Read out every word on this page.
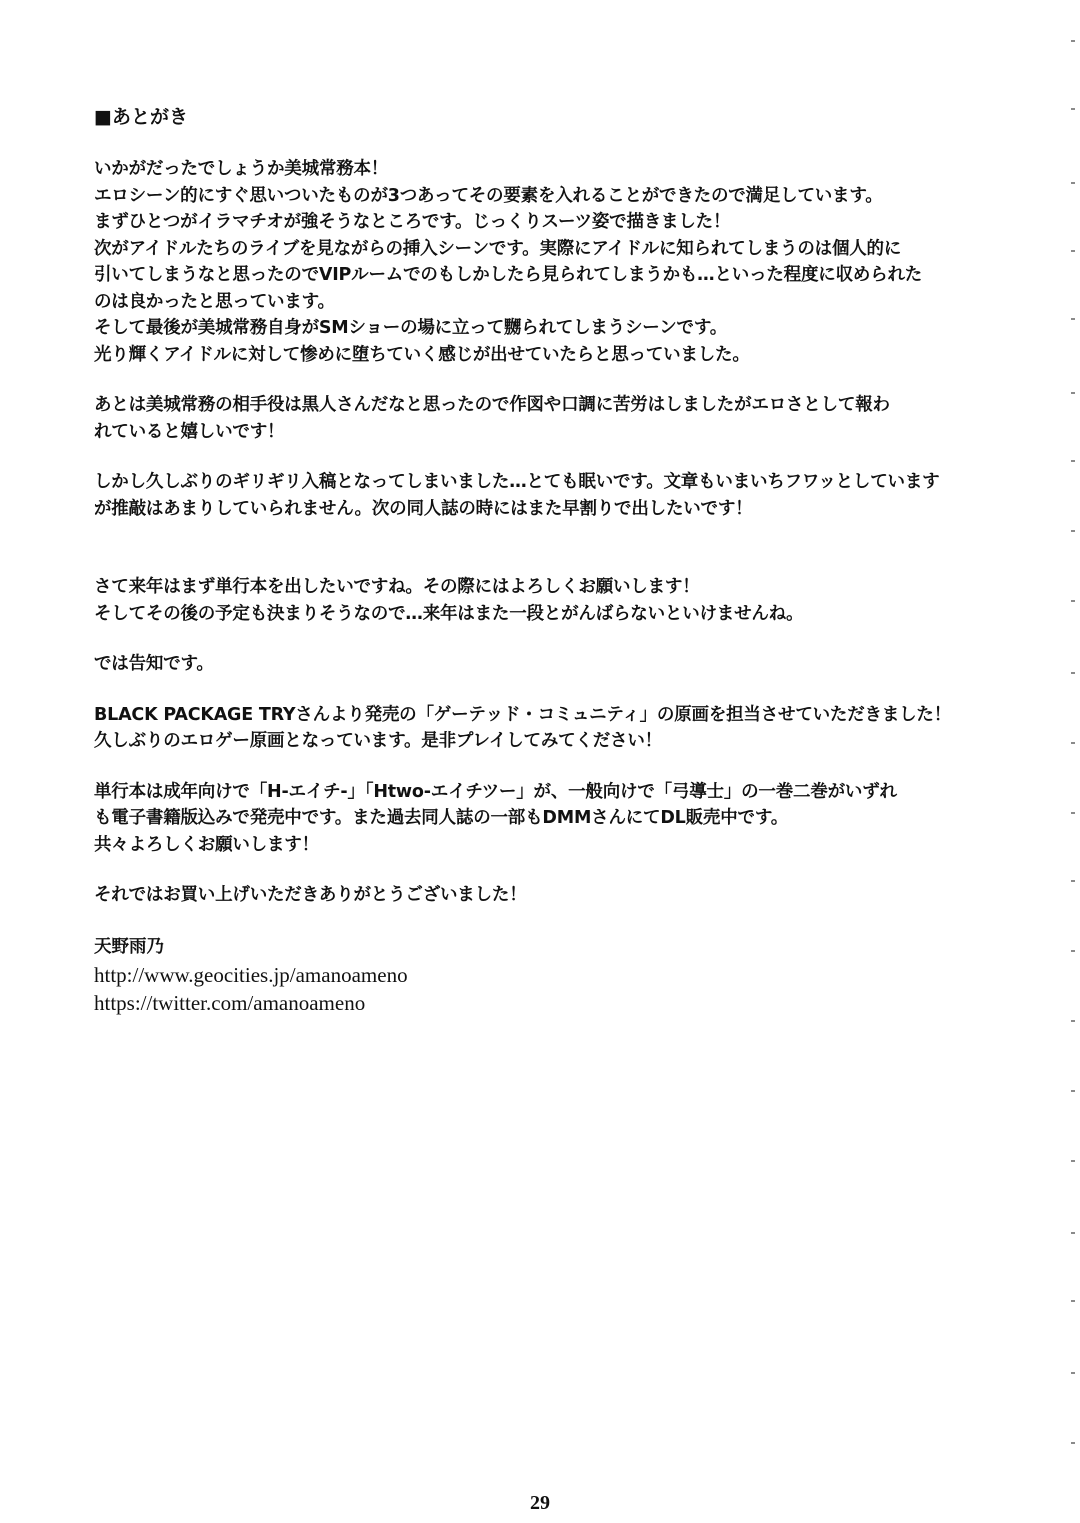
■あとがき
いかがだったでしょうか美城常務本！
エロシーン的にすぐ思いついたものが3つあってその要素を入れることができたので満足しています。
まずひとつがイラマチオが強そうなところです。じっくりスーツ姿で描きました！
次がアイドルたちのライブを見ながらの挿入シーンです。実際にアイドルに知られてしまうのは個人的に
引いてしまうなと思ったのでVIPルームでのもしかしたら見られてしまうかも…といった程度に収められた
のは良かったと思っています。
そして最後が美城常務自身がSMショーの場に立って嬲られてしまうシーンです。
光り輝くアイドルに対して惨めに堕ちていく感じが出せていたらと思っていました。
あとは美城常務の相手役は黒人さんだなと思ったので作図や口調に苦労はしましたがエロさとして報わ
れていると嬉しいです！
しかし久しぶりのギリギリ入稿となってしまいました…とても眠いです。文章もいまいちフワッとしています
が推敲はあまりしていられません。次の同人誌の時にはまた早割りで出したいです！
さて来年はまず単行本を出したいですね。その際にはよろしくお願いします！
そしてその後の予定も決まりそうなので…来年はまた一段とがんばらないといけませんね。
では告知です。
BLACK PACKAGE TRYさんより発売の「ゲーテッド・コミュニティ」の原画を担当させていただきました！
久しぶりのエロゲー原画となっています。是非プレイしてみてください！
単行本は成年向けで「H-エイチ-」「Htwo-エイチツー」が、一般向けで「弓導士」の一巻二巻がいずれ
も電子書籍版込みで発売中です。また過去同人誌の一部もDMMさんにてDL販売中です。
共々よろしくお願いします！
それではお買い上げいただきありがとうございました！
天野雨乃
http://www.geocities.jp/amanoameno
https://twitter.com/amanoameno
29
